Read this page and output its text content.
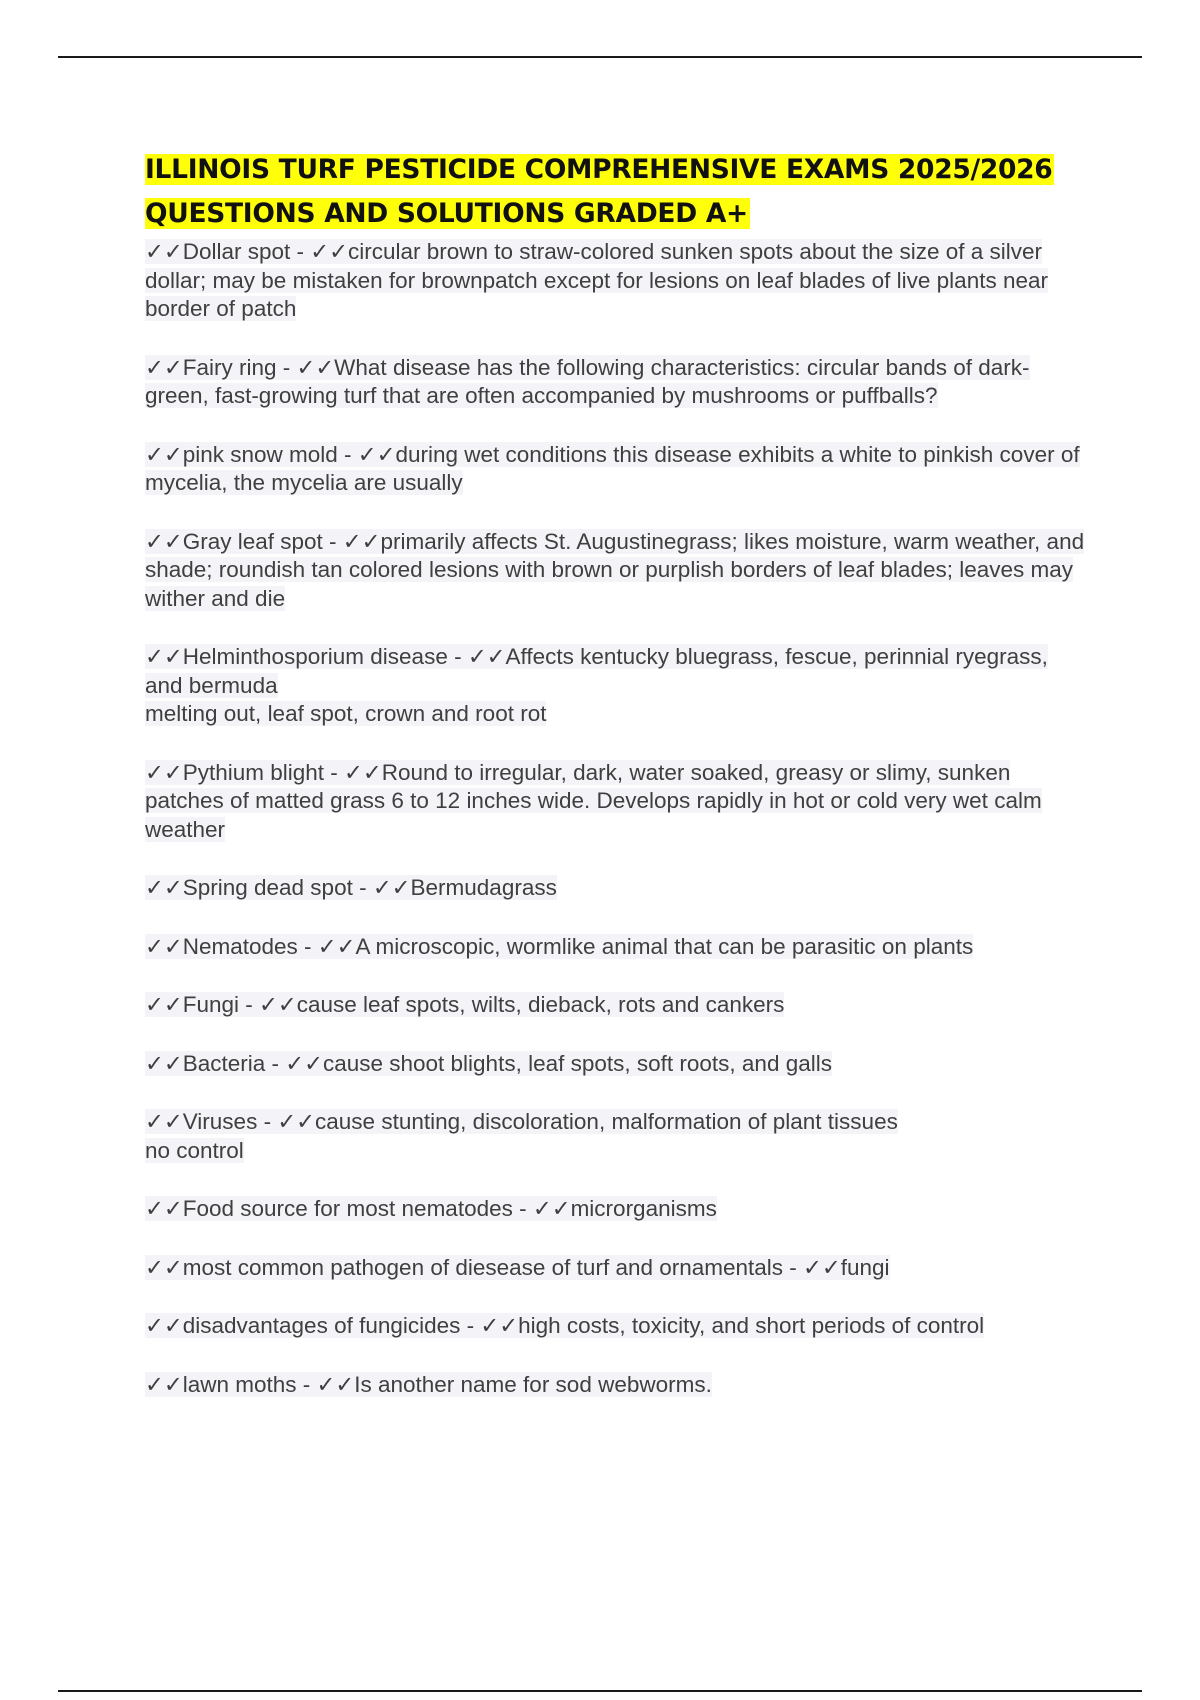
ILLINOIS TURF PESTICIDE COMPREHENSIVE EXAMS 2025/2026 QUESTIONS AND SOLUTIONS GRADED A+
✓✓Dollar spot - ✓✓circular brown to straw-colored sunken spots about the size of a silver dollar; may be mistaken for brownpatch except for lesions on leaf blades of live plants near border of patch
✓✓Fairy ring - ✓✓What disease has the following characteristics: circular bands of dark-green, fast-growing turf that are often accompanied by mushrooms or puffballs?
✓✓pink snow mold - ✓✓during wet conditions this disease exhibits a white to pinkish cover of mycelia, the mycelia are usually
✓✓Gray leaf spot - ✓✓primarily affects St. Augustinegrass; likes moisture, warm weather, and shade; roundish tan colored lesions with brown or purplish borders of leaf blades; leaves may wither and die
✓✓Helminthosporium disease - ✓✓Affects kentucky bluegrass, fescue, perinnial ryegrass, and bermuda
melting out, leaf spot, crown and root rot
✓✓Pythium blight - ✓✓Round to irregular, dark, water soaked, greasy or slimy, sunken patches of matted grass 6 to 12 inches wide. Develops rapidly in hot or cold very wet calm weather
✓✓Spring dead spot - ✓✓Bermudagrass
✓✓Nematodes - ✓✓A microscopic, wormlike animal that can be parasitic on plants
✓✓Fungi - ✓✓cause leaf spots, wilts, dieback, rots and cankers
✓✓Bacteria - ✓✓cause shoot blights, leaf spots, soft roots, and galls
✓✓Viruses - ✓✓cause stunting, discoloration, malformation of plant tissues
no control
✓✓Food source for most nematodes - ✓✓microrganisms
✓✓most common pathogen of diesease of turf and ornamentals - ✓✓fungi
✓✓disadvantages of fungicides - ✓✓high costs, toxicity, and short periods of control
✓✓lawn moths - ✓✓Is another name for sod webworms.
